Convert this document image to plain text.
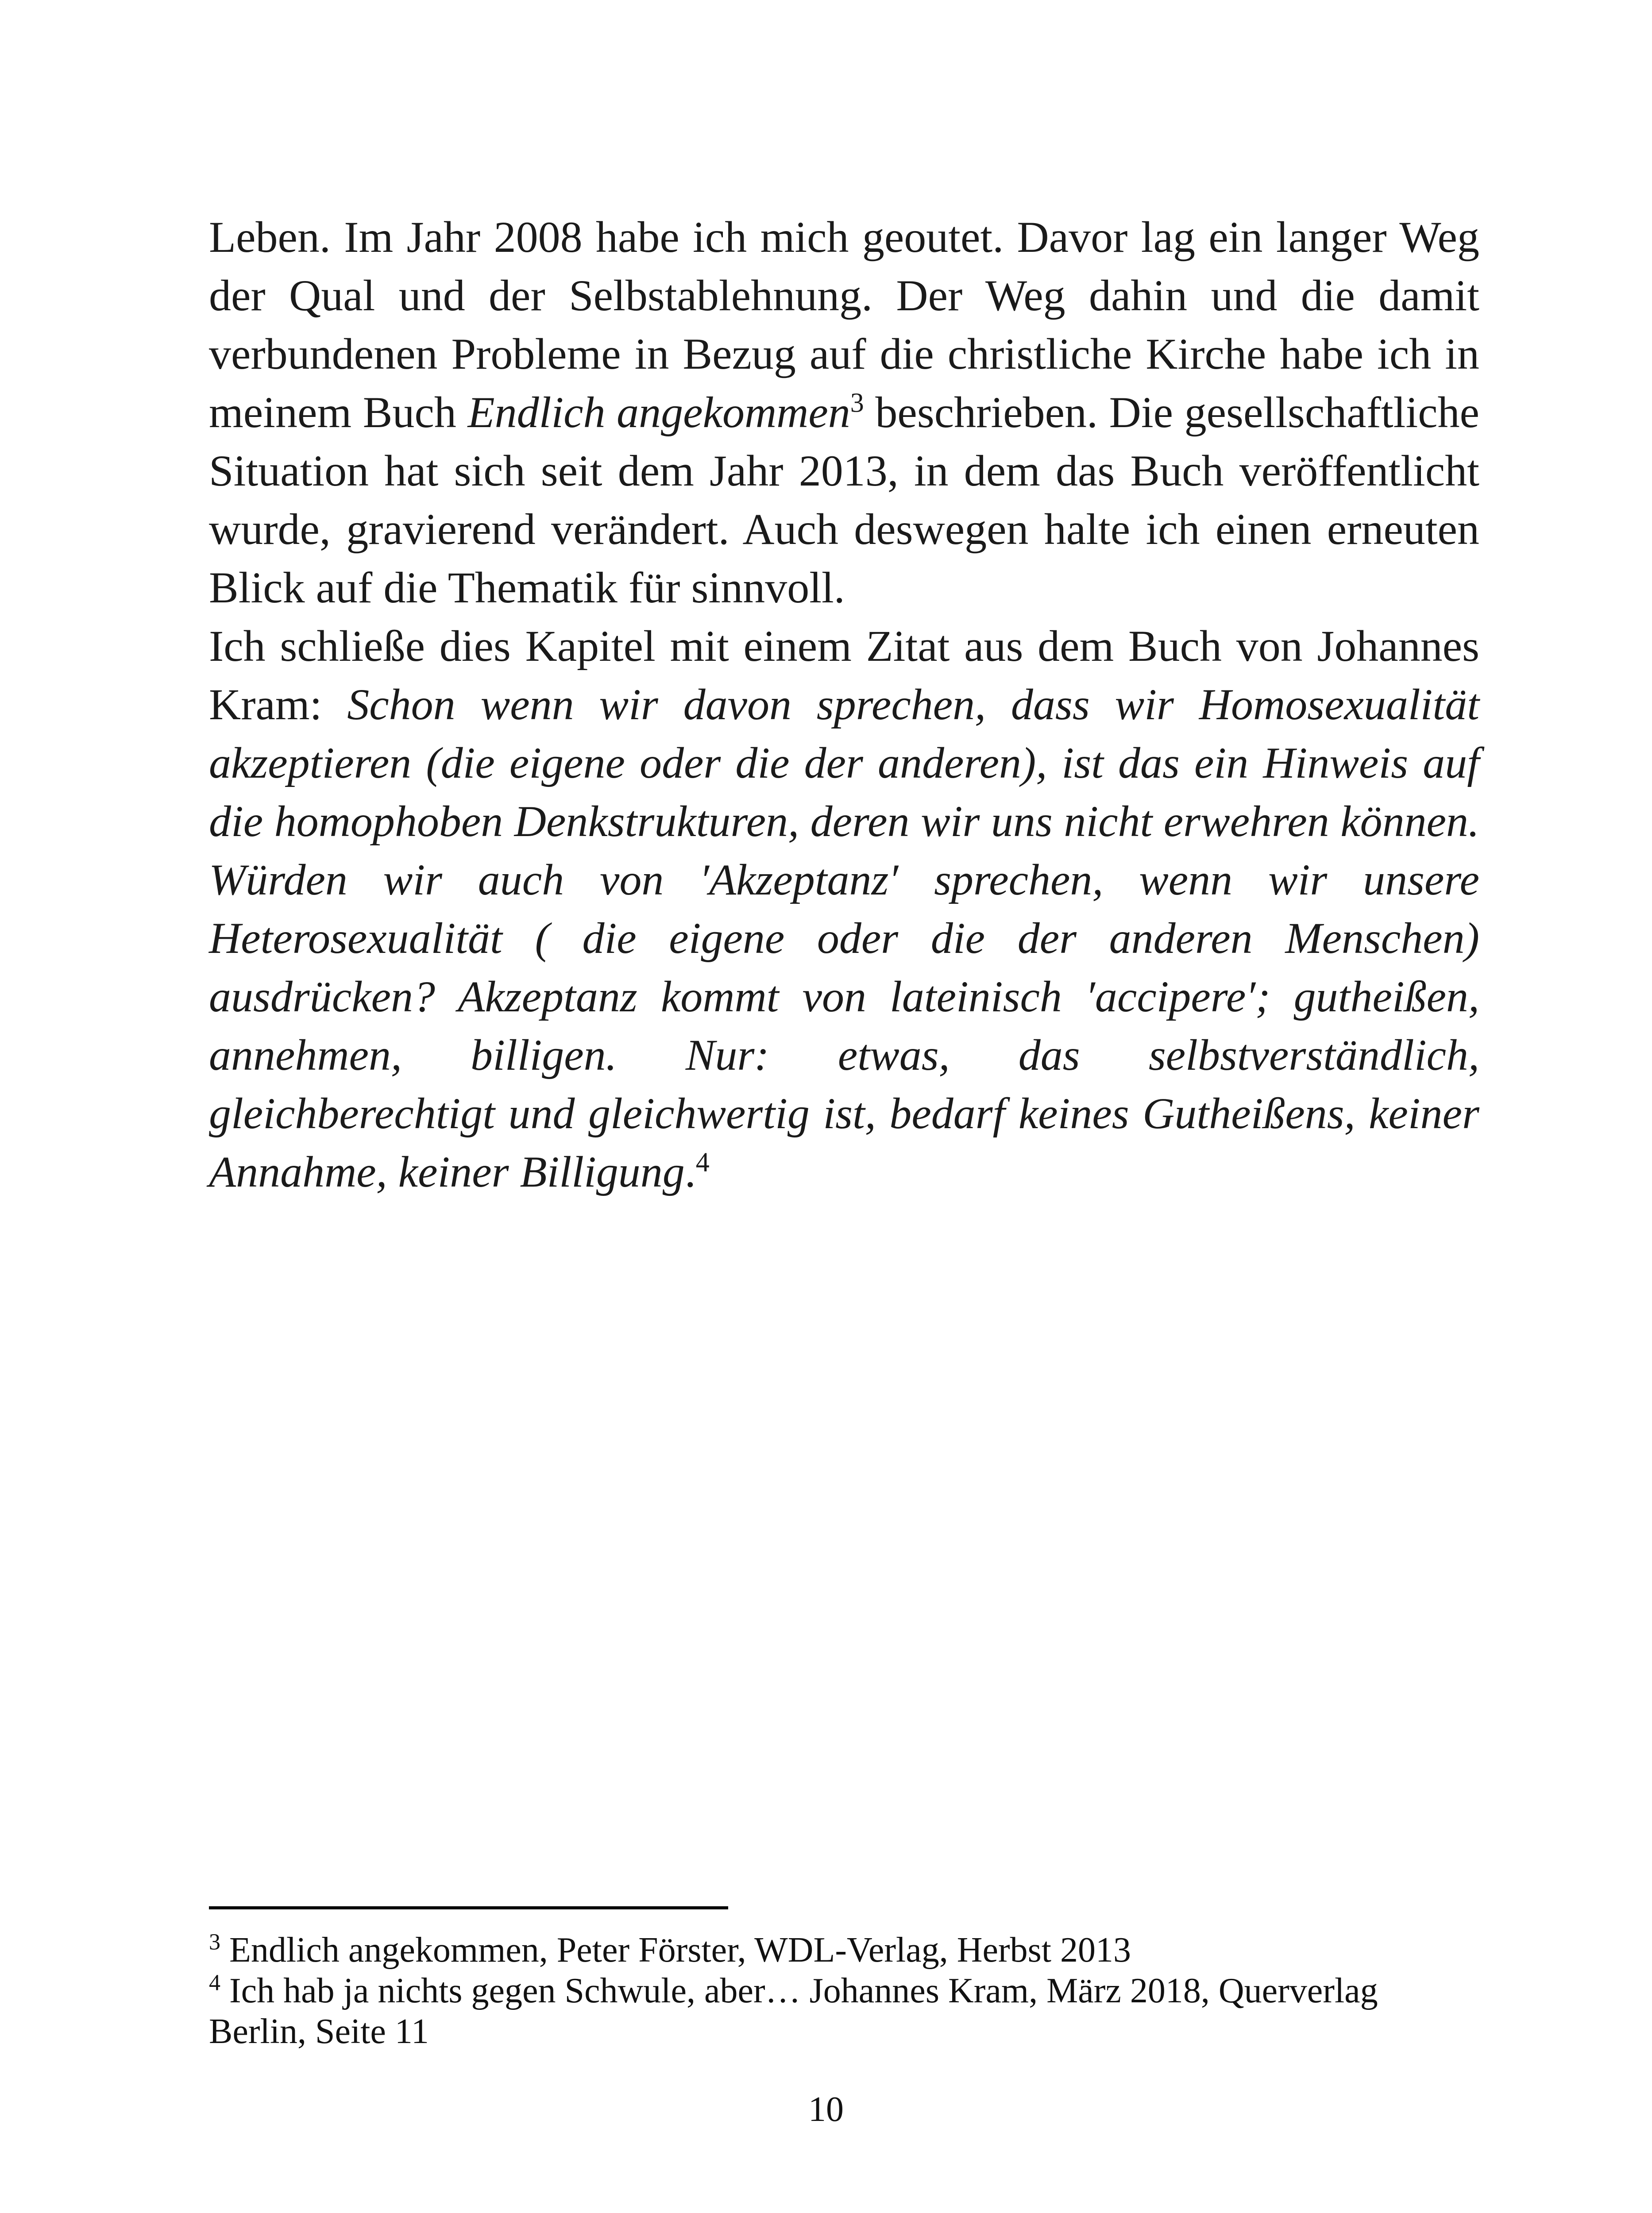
Leben. Im Jahr 2008 habe ich mich geoutet. Davor lag ein langer Weg der Qual und der Selbstablehnung. Der Weg dahin und die damit verbundenen Probleme in Bezug auf die christliche Kirche habe ich in meinem Buch Endlich angekommen$^3$ beschrieben. Die gesellschaftliche Situation hat sich seit dem Jahr 2013, in dem das Buch veröffentlicht wurde, gravierend verändert. Auch deswegen halte ich einen erneuten Blick auf die Thematik für sinnvoll.

Ich schließe dies Kapitel mit einem Zitat aus dem Buch von Johannes Kram: Schon wenn wir davon sprechen, dass wir Homosexualität akzeptieren (die eigene oder die der anderen), ist das ein Hinweis auf die homophoben Denkstrukturen, deren wir uns nicht erwehren können. Würden wir auch von ′Akzeptanz′ sprechen, wenn wir unsere Heterosexualität ( die eigene oder die der anderen Menschen) ausdrücken? Akzeptanz kommt von lateinisch ′accipere′; gutheißen, annehmen, billigen. Nur: etwas, das selbstverständlich, gleichberechtigt und gleichwertig ist, bedarf keines Gutheißens, keiner Annahme, keiner Billigung.$^4$

$^3$ Endlich angekommen, Peter Förster, WDL-Verlag, Herbst 2013

$^4$ Ich hab ja nichts gegen Schwule, aber… Johannes Kram, März 2018, Querverlag Berlin, Seite 11

10
